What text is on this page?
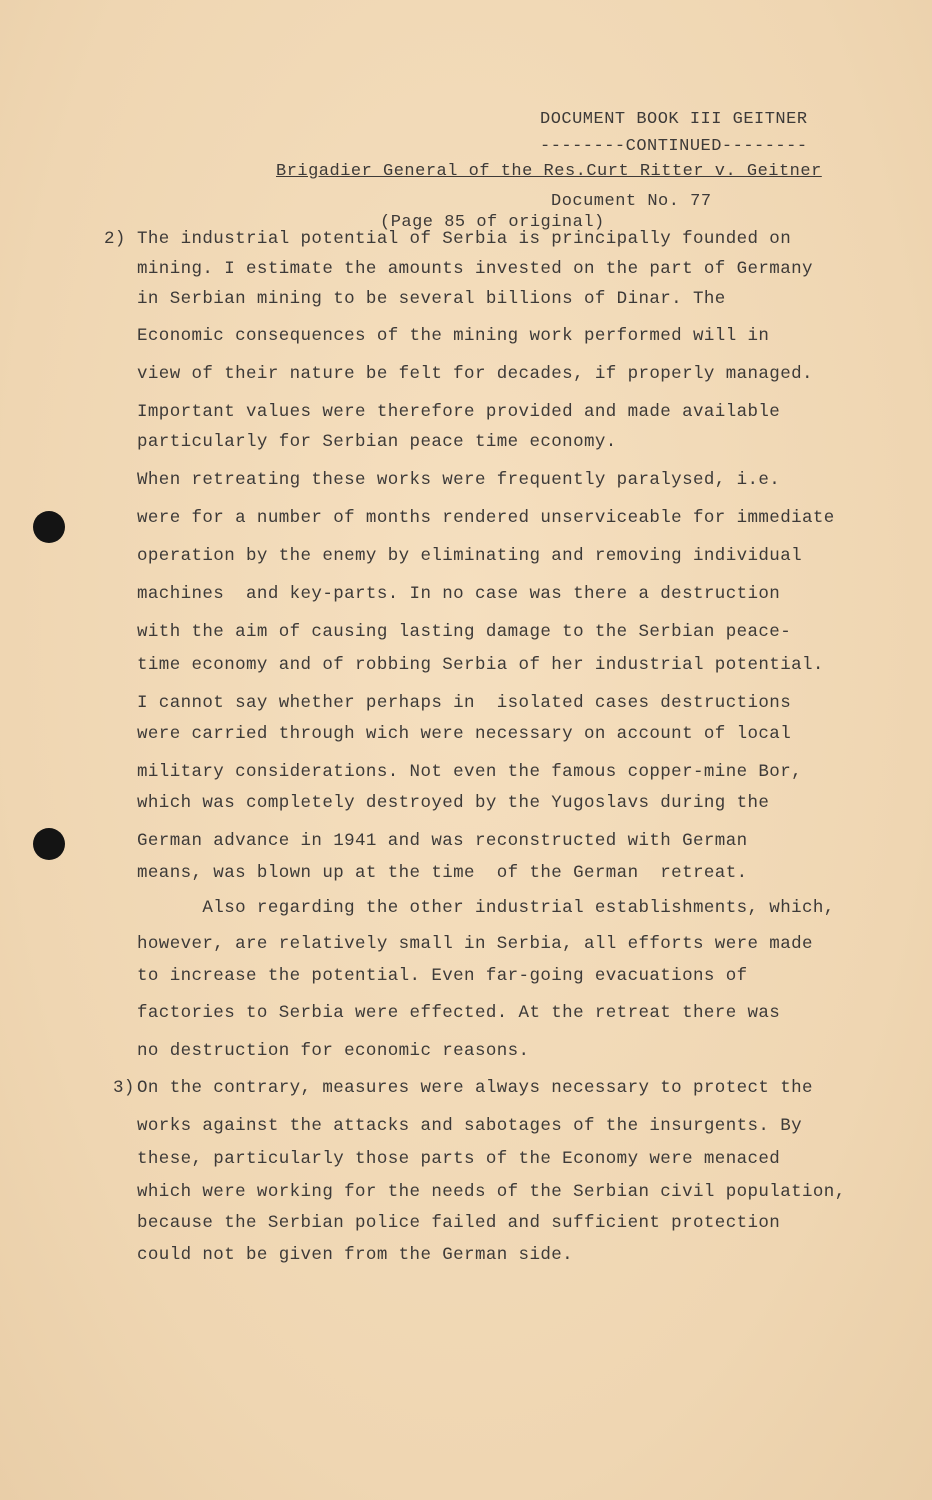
DOCUMENT BOOK III GEITNER
--------CONTINUED--------
Brigadier General of the Res.Curt Ritter v. Geitner
Document No. 77
(Page 85 of original)
2) The industrial potential of Serbia is principally founded on
mining. I estimate the amounts invested on the part of Germany
in Serbian mining to be several billions of Dinar. The
Economic consequences of the mining work performed will in
view of their nature be felt for decades, if properly managed.
Important values were therefore provided and made available
particularly for Serbian peace time economy.
When retreating these works were frequently paralysed, i.e.
were for a number of months rendered unserviceable for immediate
operation by the enemy by eliminating and removing individual
machines  and key-parts. In no case was there a destruction
with the aim of causing lasting damage to the Serbian peace-
time economy and of robbing Serbia of her industrial potential.
I cannot say whether perhaps in  isolated cases destructions
were carried through wich were necessary on account of local
military considerations. Not even the famous copper-mine Bor,
which was completely destroyed by the Yugoslavs during the
German advance in 1941 and was reconstructed with German
means, was blown up at the time  of the German  retreat.
Also regarding the other industrial establishments, which,
however, are relatively small in Serbia, all efforts were made
to increase the potential. Even far-going evacuations of
factories to Serbia were effected. At the retreat there was
no destruction for economic reasons.
3) On the contrary, measures were always necessary to protect the
works against the attacks and sabotages of the insurgents. By
these, particularly those parts of the Economy were menaced
which were working for the needs of the Serbian civil population,
because the Serbian police failed and sufficient protection
could not be given from the German side.
